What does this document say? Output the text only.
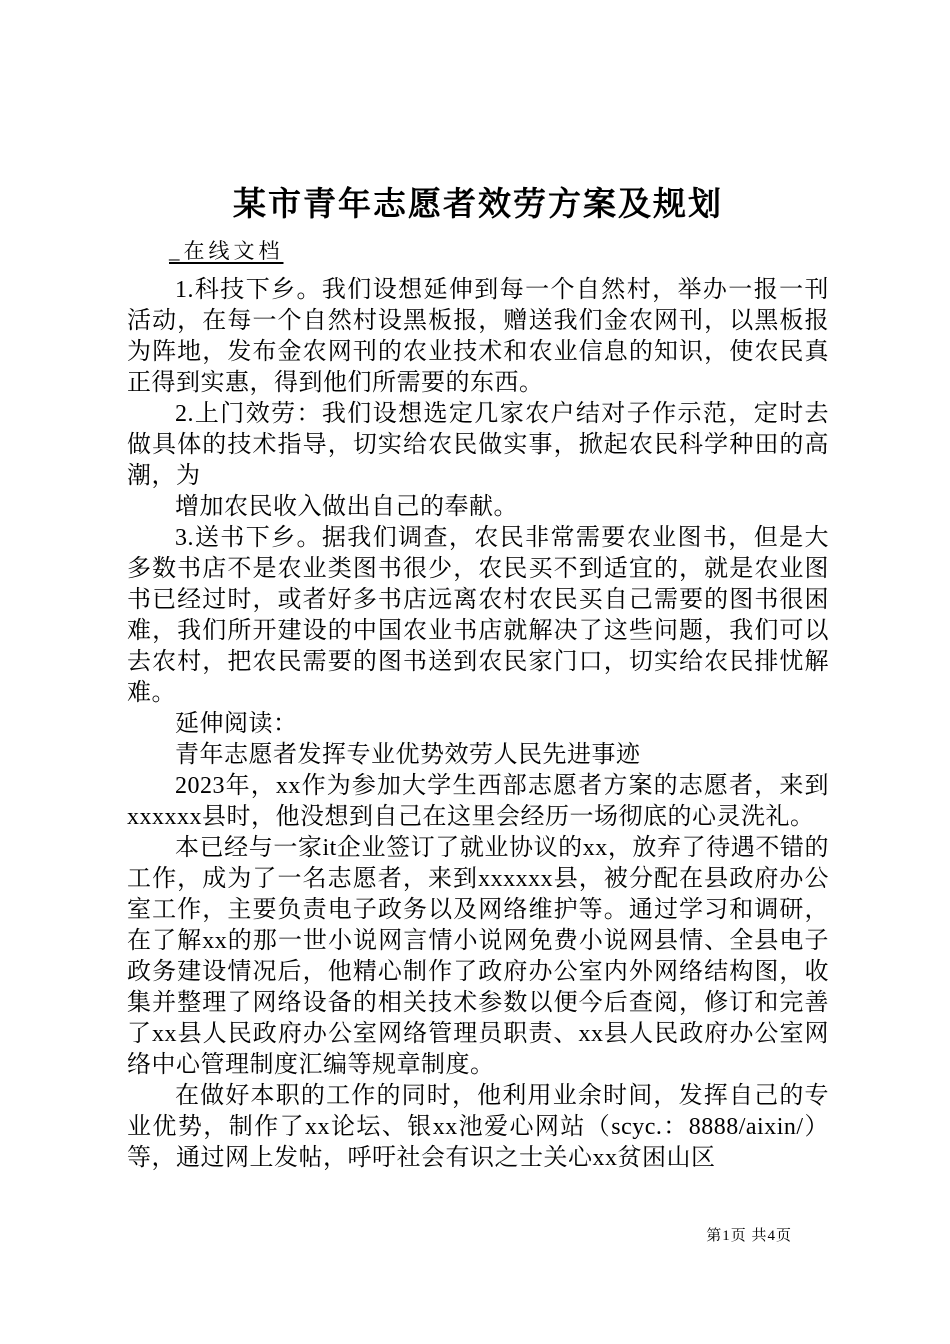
某市青年志愿者效劳方案及规划

_在线文档

1.科技下乡。我们设想延伸到每一个自然村，举办一报一刊活动，在每一个自然村设黑板报，赠送我们金农网刊，以黑板报为阵地，发布金农网刊的农业技术和农业信息的知识，使农民真正得到实惠，得到他们所需要的东西。

2.上门效劳：我们设想选定几家农户结对子作示范，定时去做具体的技术指导，切实给农民做实事，掀起农民科学种田的高潮，为

增加农民收入做出自己的奉献。

3.送书下乡。据我们调查，农民非常需要农业图书，但是大多数书店不是农业类图书很少，农民买不到适宜的，就是农业图书已经过时，或者好多书店远离农村农民买自己需要的图书很困难，我们所开建设的中国农业书店就解决了这些问题，我们可以去农村，把农民需要的图书送到农民家门口，切实给农民排忧解难。

延伸阅读：

青年志愿者发挥专业优势效劳人民先进事迹

2023年，xx作为参加大学生西部志愿者方案的志愿者，来到xxxxxx县时，他没想到自己在这里会经历一场彻底的心灵洗礼。

本已经与一家it企业签订了就业协议的xx，放弃了待遇不错的工作，成为了一名志愿者，来到xxxxxx县，被分配在县政府办公室工作，主要负责电子政务以及网络维护等。通过学习和调研，在了解xx的那一世小说网言情小说网免费小说网县情、全县电子政务建设情况后，他精心制作了政府办公室内外网络结构图，收集并整理了网络设备的相关技术参数以便今后查阅，修订和完善了xx县人民政府办公室网络管理员职责、xx县人民政府办公室网络中心管理制度汇编等规章制度。

在做好本职的工作的同时，他利用业余时间，发挥自己的专业优势，制作了xx论坛、银xx池爱心网站（scyc.：8888/aixin/）等，通过网上发帖，呼吁社会有识之士关心xx贫困山区

第1页 共4页
